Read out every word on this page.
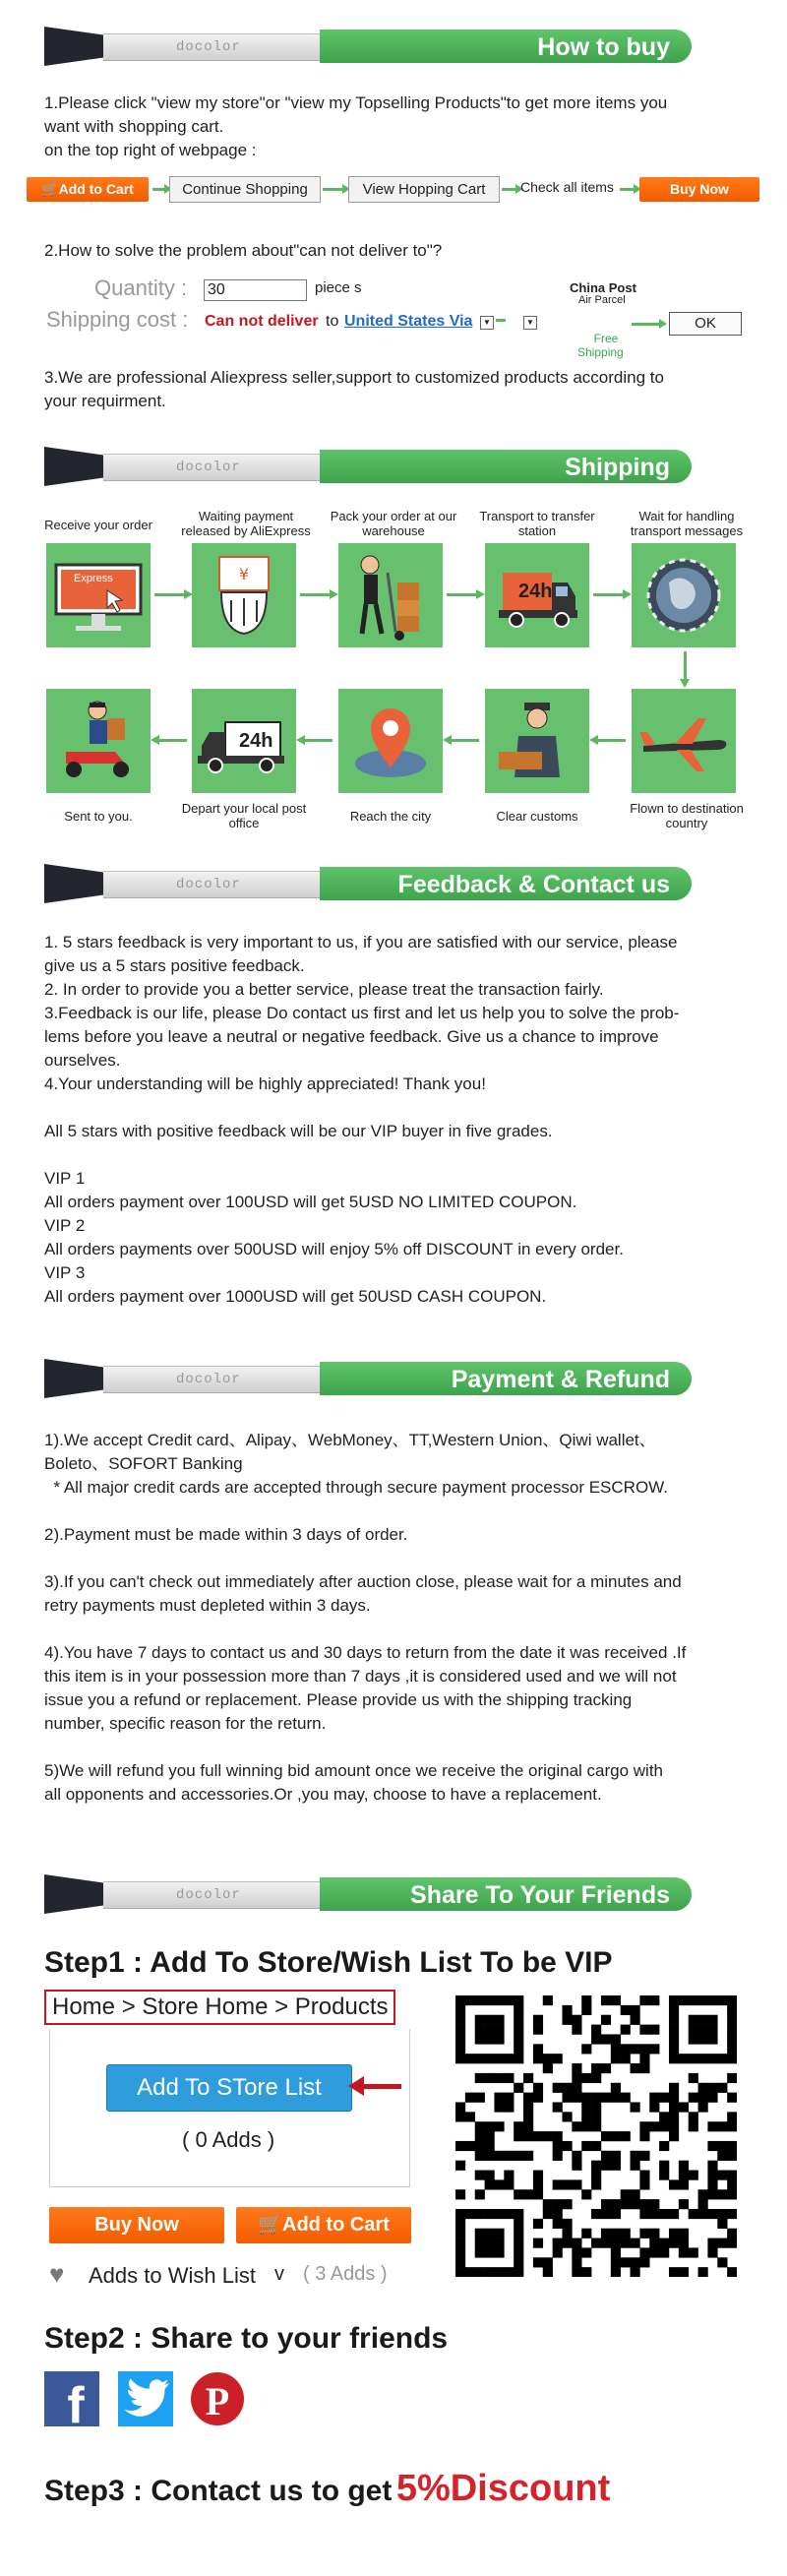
docolor	How to buy

1.Please click "view my store"or "view my Topselling Products"to get more items you

want with shopping cart.

on the top right of webpage :

🛒Add to Cart	Continue Shopping	View Hopping Cart	Check all items	Buy Now
2.How to solve the problem about"can not deliver to"?
Quantity : 30	piece s
Shipping cost : Can not deliver to United States Via	▼	▼
China Post
Air Parcel
Free
Shipping
OK

3.We are professional Aliexpress seller,support to customized products according to

your requirment.

docolor	Shipping
Receive your order
Waiting payment released by AliExpress
Pack your order at our warehouse
Transport to transfer station
Wait for handling transport messages
Express	¥
24h
24h
Sent to you.
Depart your local post office	Reach the city	Clear customs
Flown to destination country
docolor	Feedback & Contact us

1. 5 stars feedback is very important to us, if you are satisfied with our service, please

give us a 5 stars positive feedback.

2. In order to provide you a better service, please treat the transaction fairly.

3.Feedback is our life, please Do contact us first and let us help you to solve the prob-

lems before you leave a neutral or negative feedback. Give us a chance to improve

ourselves.

4.Your understanding will be highly appreciated! Thank you!

All 5 stars with positive feedback will be our VIP buyer in five grades.

VIP 1

All orders payment over 100USD will get 5USD NO LIMITED COUPON.

VIP 2

All orders payments over 500USD will enjoy 5% off DISCOUNT in every order.

VIP 3

All orders payment over 1000USD will get 50USD CASH COUPON.

docolor	Payment & Refund

1).We accept Credit card、Alipay、WebMoney、TT,Western Union、Qiwi wallet、

Boleto、SOFORT Banking

* All major credit cards are accepted through secure payment processor ESCROW.

2).Payment must be made within 3 days of order.

3).If you can't check out immediately after auction close, please wait for a minutes and

retry payments must depleted within 3 days.

4).You have 7 days to contact us and 30 days to return from the date it was received .If

this item is in your possession more than 7 days ,it is considered used and we will not

issue you a refund or replacement. Please provide us with the shipping tracking

number, specific reason for the return.

5)We will refund you full winning bid amount once we receive the original cargo with

all opponents and accessories.Or ,you may, choose to have a replacement.

docolor	Share To Your Friends
Step1 : Add To Store/Wish List To be VIP
Home > Store Home > Products
Add To STore List
( 0 Adds )
Buy Now	🛒Add to Cart
♥ Adds to Wish List v ( 3 Adds )
Step2 : Share to your friends
f	P
Step3 : Contact us to get 5%Discount
